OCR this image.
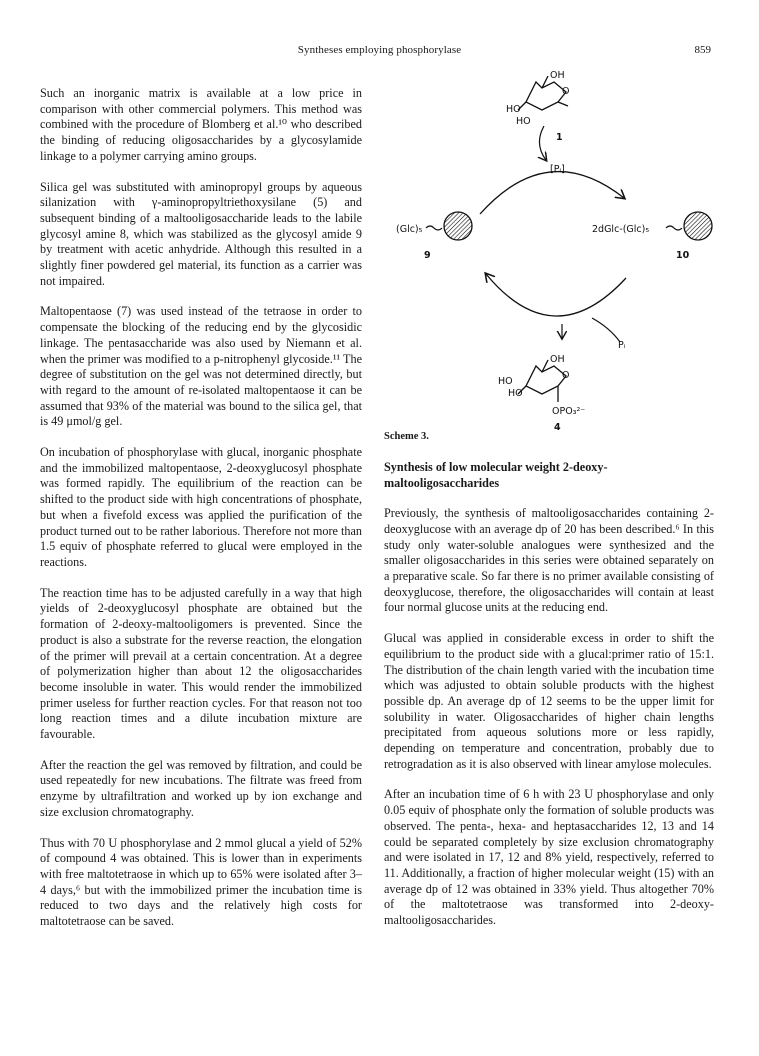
Syntheses employing phosphorylase	859

Such an inorganic matrix is available at a low price in comparison with other commercial polymers. This method was combined with the procedure of Blomberg et al.¹⁰ who described the binding of reducing oligosaccharides by a glycosylamide linkage to a polymer carrying amino groups.

Silica gel was substituted with aminopropyl groups by aqueous silanization with γ-aminopropyltriethoxysilane (5) and subsequent binding of a maltooligosaccharide leads to the labile glycosyl amine 8, which was stabilized as the glycosyl amide 9 by treatment with acetic anhydride. Although this resulted in a slightly finer powdered gel material, its function as a carrier was not impaired.

Maltopentaose (7) was used instead of the tetraose in order to compensate the blocking of the reducing end by the glycosidic linkage. The pentasaccharide was also used by Niemann et al. when the primer was modified to a p-nitrophenyl glycoside.¹¹ The degree of substitution on the gel was not determined directly, but with regard to the amount of re-isolated maltopentaose it can be assumed that 93% of the material was bound to the silica gel, that is 49 μmol/g gel.

On incubation of phosphorylase with glucal, inorganic phosphate and the immobilized maltopentaose, 2-deoxyglucosyl phosphate was formed rapidly. The equilibrium of the reaction can be shifted to the product side with high concentrations of phosphate, but when a fivefold excess was applied the purification of the product turned out to be rather laborious. Therefore not more than 1.5 equiv of phosphate referred to glucal were employed in the reactions.

The reaction time has to be adjusted carefully in a way that high yields of 2-deoxyglucosyl phosphate are obtained but the formation of 2-deoxy-maltooligomers is prevented. Since the product is also a substrate for the reverse reaction, the elongation of the primer will prevail at a certain concentration. At a degree of polymerization higher than about 12 the oligosaccharides become insoluble in water. This would render the immobilized primer useless for further reaction cycles. For that reason not too long reaction times and a dilute incubation mixture are favourable.

After the reaction the gel was removed by filtration, and could be used repeatedly for new incubations. The filtrate was freed from enzyme by ultrafiltration and worked up by ion exchange and size exclusion chromatography.

Thus with 70 U phosphorylase and 2 mmol glucal a yield of 52% of compound 4 was obtained. This is lower than in experiments with free maltotetraose in which up to 65% were isolated after 3–4 days,⁶ but with the immobilized primer the incubation time is reduced to two days and the relatively high costs for maltotetraose can be saved.

OH
HO
HO
O
1
[Pᵢ]
(Glc)₅
9
2dGlc-(Glc)₅
10
Pᵢ
OH
HO
HO
O
OPO₃²⁻
4
Scheme 3.
Synthesis of low molecular weight 2-deoxy-maltooligosaccharides

Previously, the synthesis of maltooligosaccharides containing 2-deoxyglucose with an average dp of 20 has been described.⁶ In this study only water-soluble analogues were synthesized and the smaller oligosaccharides in this series were obtained separately on a preparative scale. So far there is no primer available consisting of deoxyglucose, therefore, the oligosaccharides will contain at least four normal glucose units at the reducing end.

Glucal was applied in considerable excess in order to shift the equilibrium to the product side with a glucal:primer ratio of 15:1. The distribution of the chain length varied with the incubation time which was adjusted to obtain soluble products with the highest possible dp. An average dp of 12 seems to be the upper limit for solubility in water. Oligosaccharides of higher chain lengths precipitated from aqueous solutions more or less rapidly, depending on temperature and concentration, probably due to retrogradation as it is also observed with linear amylose molecules.

After an incubation time of 6 h with 23 U phosphorylase and only 0.05 equiv of phosphate only the formation of soluble products was observed. The penta-, hexa- and heptasaccharides 12, 13 and 14 could be separated completely by size exclusion chromatography and were isolated in 17, 12 and 8% yield, respectively, referred to 11. Additionally, a fraction of higher molecular weight (15) with an average dp of 12 was obtained in 33% yield. Thus altogether 70% of the maltotetraose was transformed into 2-deoxy-maltooligosaccharides.
